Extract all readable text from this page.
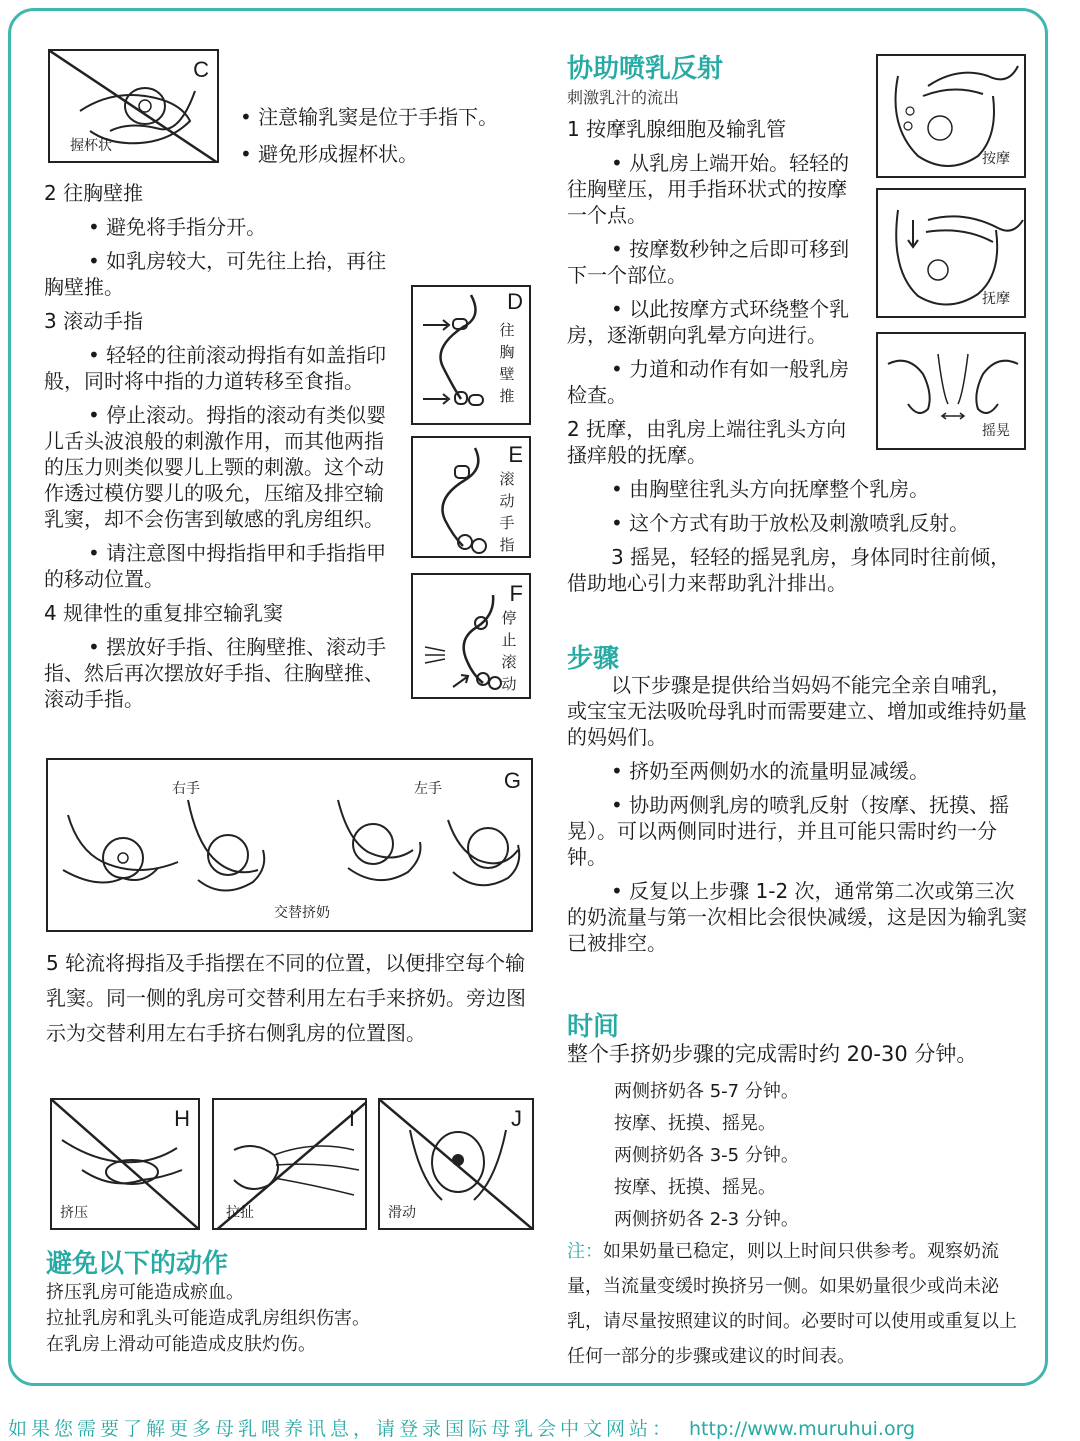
C
握杯状

• 注意输乳窦是位于手指下。

• 避免形成握杯状。

2 往胸壁推

• 避免将手指分开。

• 如乳房较大，可先往上抬，再往胸壁推。

3 滚动手指

• 轻轻的往前滚动拇指有如盖指印般，同时将中指的力道转移至食指。

• 停止滚动。拇指的滚动有类似婴儿舌头波浪般的刺激作用，而其他两指的压力则类似婴儿上颚的刺激。这个动作透过模仿婴儿的吸允，压缩及排空输乳窦，却不会伤害到敏感的乳房组织。

• 请注意图中拇指指甲和手指指甲的移动位置。

4 规律性的重复排空输乳窦

• 摆放好手指、往胸壁推、滚动手指、然后再次摆放好手指、往胸壁推、滚动手指。

D
往胸壁推
E
滚动手指
F
停止滚动
G
右手	左手
交替挤奶

5 轮流将拇指及手指摆在不同的位置，以便排空每个输乳窦。同一侧的乳房可交替利用左右手来挤奶。旁边图示为交替利用左右手挤右侧乳房的位置图。

H
挤压
I
拉扯
J
滑动

避免以下的动作

挤压乳房可能造成瘀血。

拉扯乳房和乳头可能造成乳房组织伤害。

在乳房上滑动可能造成皮肤灼伤。

协助喷乳反射

刺激乳汁的流出

1 按摩乳腺细胞及输乳管

• 从乳房上端开始。轻轻的往胸壁压，用手指环状式的按摩一个点。

• 按摩数秒钟之后即可移到下一个部位。

• 以此按摩方式环绕整个乳房，逐渐朝向乳晕方向进行。

• 力道和动作有如一般乳房检查。

2 抚摩，由乳房上端往乳头方向搔痒般的抚摩。

• 由胸壁往乳头方向抚摩整个乳房。

• 这个方式有助于放松及刺激喷乳反射。

3 摇晃，轻轻的摇晃乳房，身体同时往前倾，借助地心引力来帮助乳汁排出。

按摩
抚摩
摇晃

步骤

以下步骤是提供给当妈妈不能完全亲自哺乳，或宝宝无法吸吮母乳时而需要建立、增加或维持奶量的妈妈们。

• 挤奶至两侧奶水的流量明显减缓。

• 协助两侧乳房的喷乳反射（按摩、抚摸、摇晃）。可以两侧同时进行，并且可能只需时约一分钟。

• 反复以上步骤 1-2 次，通常第二次或第三次的奶流量与第一次相比会很快减缓，这是因为输乳窦已被排空。

时间

整个手挤奶步骤的完成需时约 20-30 分钟。

两侧挤奶各 5-7 分钟。

按摩、抚摸、摇晃。

两侧挤奶各 3-5 分钟。

按摩、抚摸、摇晃。

两侧挤奶各 2-3 分钟。

注：如果奶量已稳定，则以上时间只供参考。观察奶流量，当流量变缓时换挤另一侧。如果奶量很少或尚未泌乳，请尽量按照建议的时间。必要时可以使用或重复以上任何一部分的步骤或建议的时间表。

如果您需要了解更多母乳喂养讯息，请登录国际母乳会中文网站： http://www.muruhui.org
